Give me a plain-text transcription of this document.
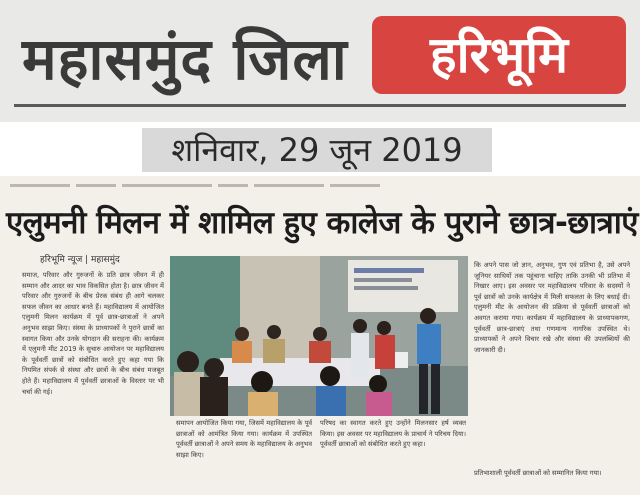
महासमुंद जिला	हरिभूमि
शनिवार, 29 जून 2019
एलुमनी मिलन में शामिल हुए कालेज के पुराने छात्र-छात्राएं
हरिभूमि न्यूज | महासमुंद
समाज, परिवार और गुरुजनों के प्रति छात्र जीवन में ही सम्मान और आदर का भाव विकसित होता है। छात्र जीवन में परिवार और गुरुजनों के बीच प्रेरक संबंध ही आगे चलकर सफल जीवन का आधार बनते हैं। महाविद्यालय में आयोजित एलुमनी मिलन कार्यक्रम में पूर्व छात्र-छात्राओं ने अपने अनुभव साझा किए। संस्था के प्राध्यापकों ने पुराने छात्रों का स्वागत किया और उनके योगदान की सराहना की। कार्यक्रम में एलुमनी मीट 2019 के सुचारु आयोजन पर महाविद्यालय के पूर्ववर्ती छात्रों को संबोधित करते हुए कहा गया कि नियमित संपर्क से संस्था और छात्रों के बीच संबंध मजबूत होते हैं। महाविद्यालय में पूर्ववर्ती छात्राओं के विस्तार पर भी चर्चा की गई।
कि अपने पास जो ज्ञान, अनुभव, गुण एवं प्रतिभा है, उसे अपने जूनियर साथियों तक पहुंचाना चाहिए ताकि उनकी भी प्रतिभा में निखार आए। इस अवसर पर महाविद्यालय परिवार के सदस्यों ने पूर्व छात्रों को उनके कार्यक्षेत्र में मिली सफलता के लिए बधाई दी। एलुमनी मीट के आयोजन की प्रक्रिया से पूर्ववर्ती छात्राओं को अवगत कराया गया। कार्यक्रम में महाविद्यालय के प्राध्यापकगण, पूर्ववर्ती छात्र-छात्राएं तथा गणमान्य नागरिक उपस्थित थे। प्राध्यापकों ने अपने विचार रखे और संस्था की उपलब्धियों की जानकारी दी।
समापन आयोजित किया गया, जिसमें महाविद्यालय के पूर्व छात्राओं को आमंत्रित किया गया। कार्यक्रम में उपस्थित पूर्ववर्ती छात्राओं ने अपने समय के महाविद्यालय के अनुभव साझा किए।
परिषद का स्वागत करते हुए उन्होंने मिलनसार हर्ष व्यक्त किया। इस अवसर पर महाविद्यालय के प्राचार्य ने परिचय दिया। पूर्ववर्ती छात्राओं को संबोधित करते हुए कहा।
प्रतिभाशाली पूर्ववर्ती छात्राओं को सम्मानित किया गया।
